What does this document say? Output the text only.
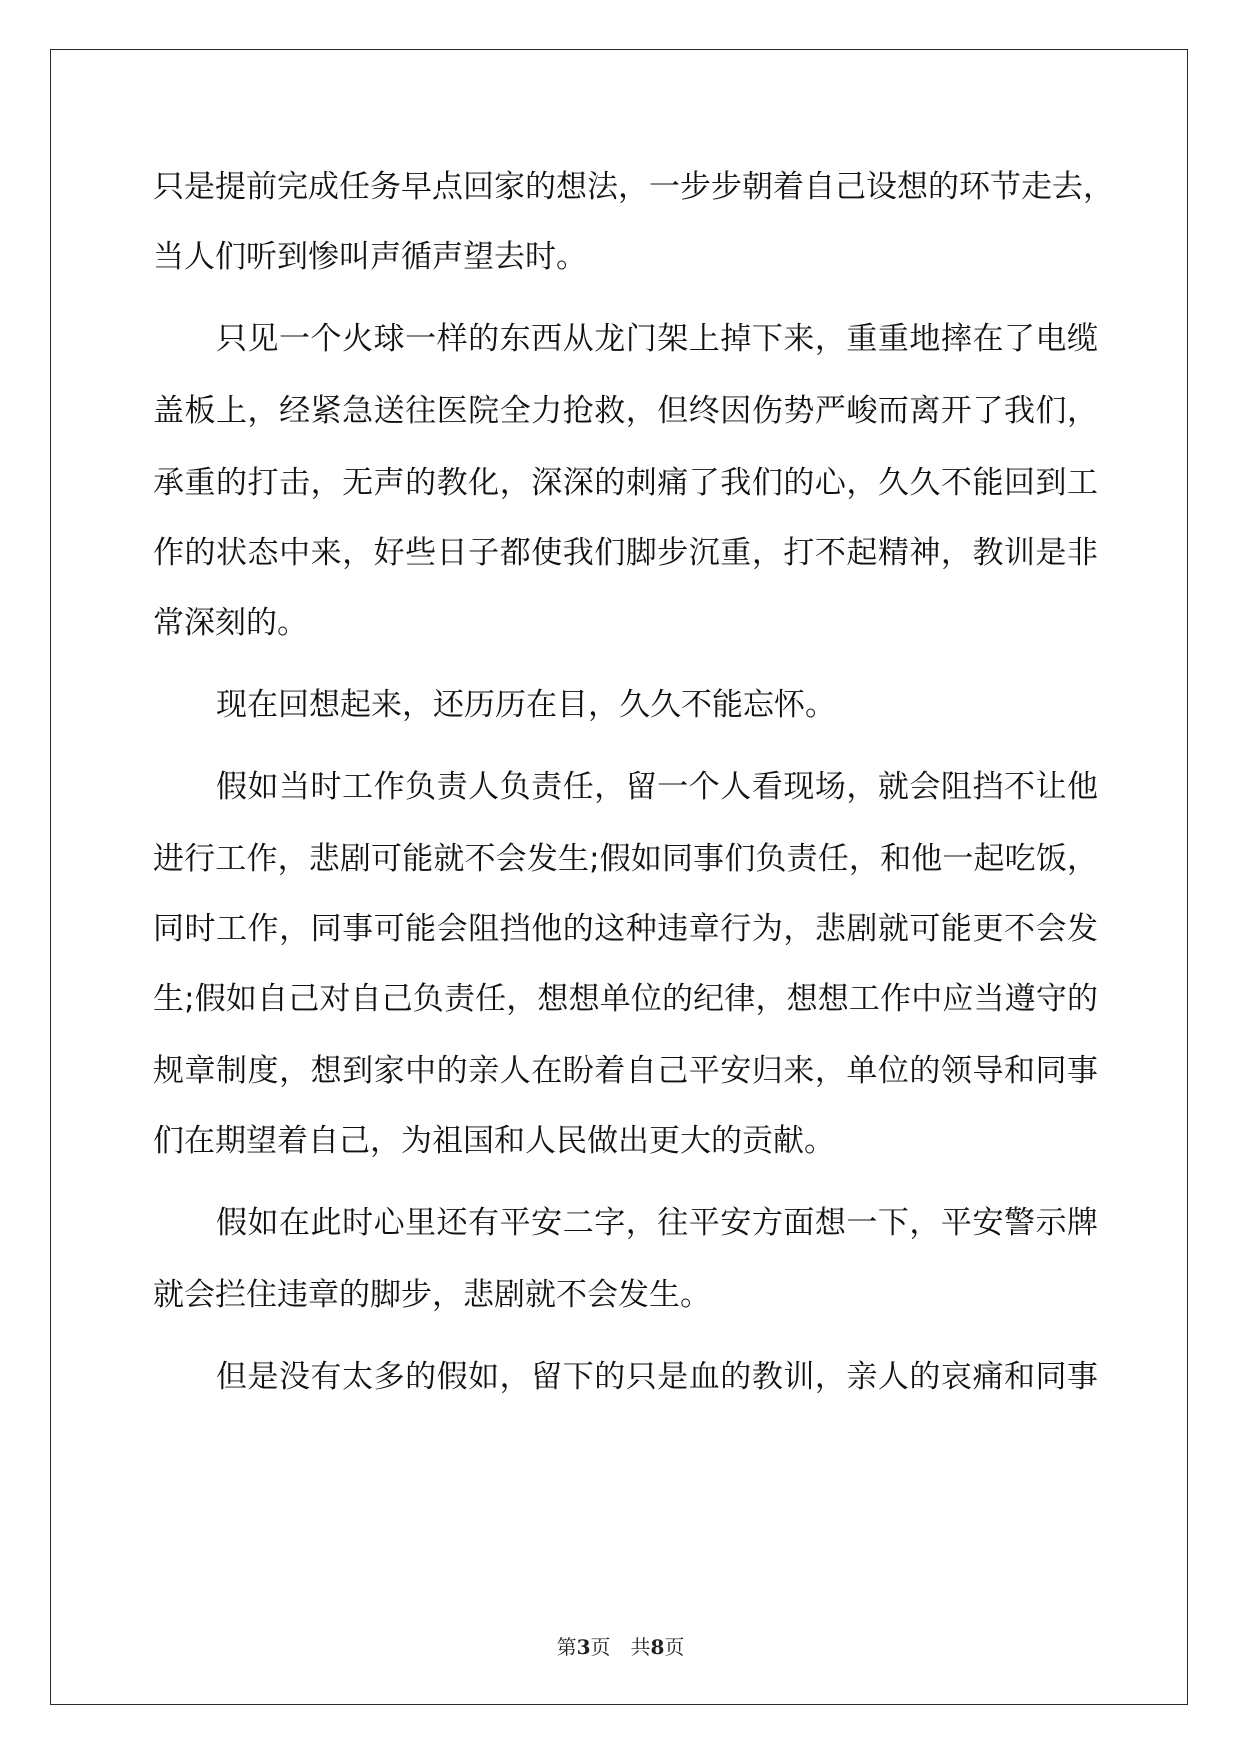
只是提前完成任务早点回家的想法，一步步朝着自己设想的环节走去，
当人们听到惨叫声循声望去时。
只见一个火球一样的东西从龙门架上掉下来，重重地摔在了电缆
盖板上，经紧急送往医院全力抢救，但终因伤势严峻而离开了我们，
承重的打击，无声的教化，深深的刺痛了我们的心，久久不能回到工
作的状态中来，好些日子都使我们脚步沉重，打不起精神，教训是非
常深刻的。
现在回想起来，还历历在目，久久不能忘怀。
假如当时工作负责人负责任，留一个人看现场，就会阻挡不让他
进行工作，悲剧可能就不会发生;假如同事们负责任，和他一起吃饭，
同时工作，同事可能会阻挡他的这种违章行为，悲剧就可能更不会发
生;假如自己对自己负责任，想想单位的纪律，想想工作中应当遵守的
规章制度，想到家中的亲人在盼着自己平安归来，单位的领导和同事
们在期望着自己，为祖国和人民做出更大的贡献。
假如在此时心里还有平安二字，往平安方面想一下，平安警示牌
就会拦住违章的脚步，悲剧就不会发生。
但是没有太多的假如，留下的只是血的教训，亲人的哀痛和同事
第3页　共8页
